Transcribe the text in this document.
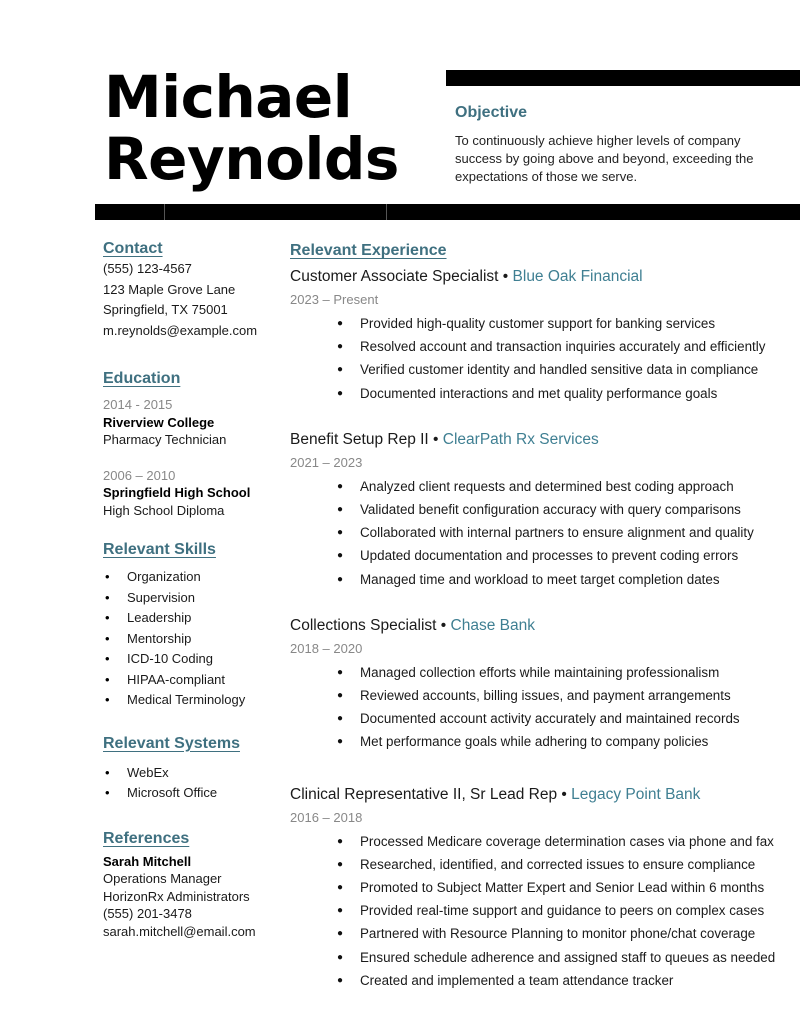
Michael
Reynolds
Objective

To continuously achieve higher levels of company success by going above and beyond, exceeding the expectations of those we serve.

Contact
(555) 123-4567
123 Maple Grove Lane
Springfield, TX 75001
m.reynolds@example.com
Education
2014 - 2015
Riverview College
Pharmacy Technician
2006 – 2010
Springfield High School
High School Diploma
Relevant Skills
• Organization
• Supervision
• Leadership
• Mentorship
• ICD-10 Coding
• HIPAA-compliant
• Medical Terminology
Relevant Systems
• WebEx
• Microsoft Office
References
Sarah Mitchell
Operations Manager
HorizonRx Administrators
(555) 201-3478
sarah.mitchell@email.com
Relevant Experience
Customer Associate Specialist • Blue Oak Financial
2023 – Present
● Provided high-quality customer support for banking services
● Resolved account and transaction inquiries accurately and efficiently
● Verified customer identity and handled sensitive data in compliance
● Documented interactions and met quality performance goals
Benefit Setup Rep II • ClearPath Rx Services
2021 – 2023
● Analyzed client requests and determined best coding approach
● Validated benefit configuration accuracy with query comparisons
● Collaborated with internal partners to ensure alignment and quality
● Updated documentation and processes to prevent coding errors
● Managed time and workload to meet target completion dates
Collections Specialist • Chase Bank
2018 – 2020
● Managed collection efforts while maintaining professionalism
● Reviewed accounts, billing issues, and payment arrangements
● Documented account activity accurately and maintained records
● Met performance goals while adhering to company policies
Clinical Representative II, Sr Lead Rep • Legacy Point Bank
2016 – 2018
● Processed Medicare coverage determination cases via phone and fax
● Researched, identified, and corrected issues to ensure compliance
● Promoted to Subject Matter Expert and Senior Lead within 6 months
● Provided real-time support and guidance to peers on complex cases
● Partnered with Resource Planning to monitor phone/chat coverage
● Ensured schedule adherence and assigned staff to queues as needed
● Created and implemented a team attendance tracker
